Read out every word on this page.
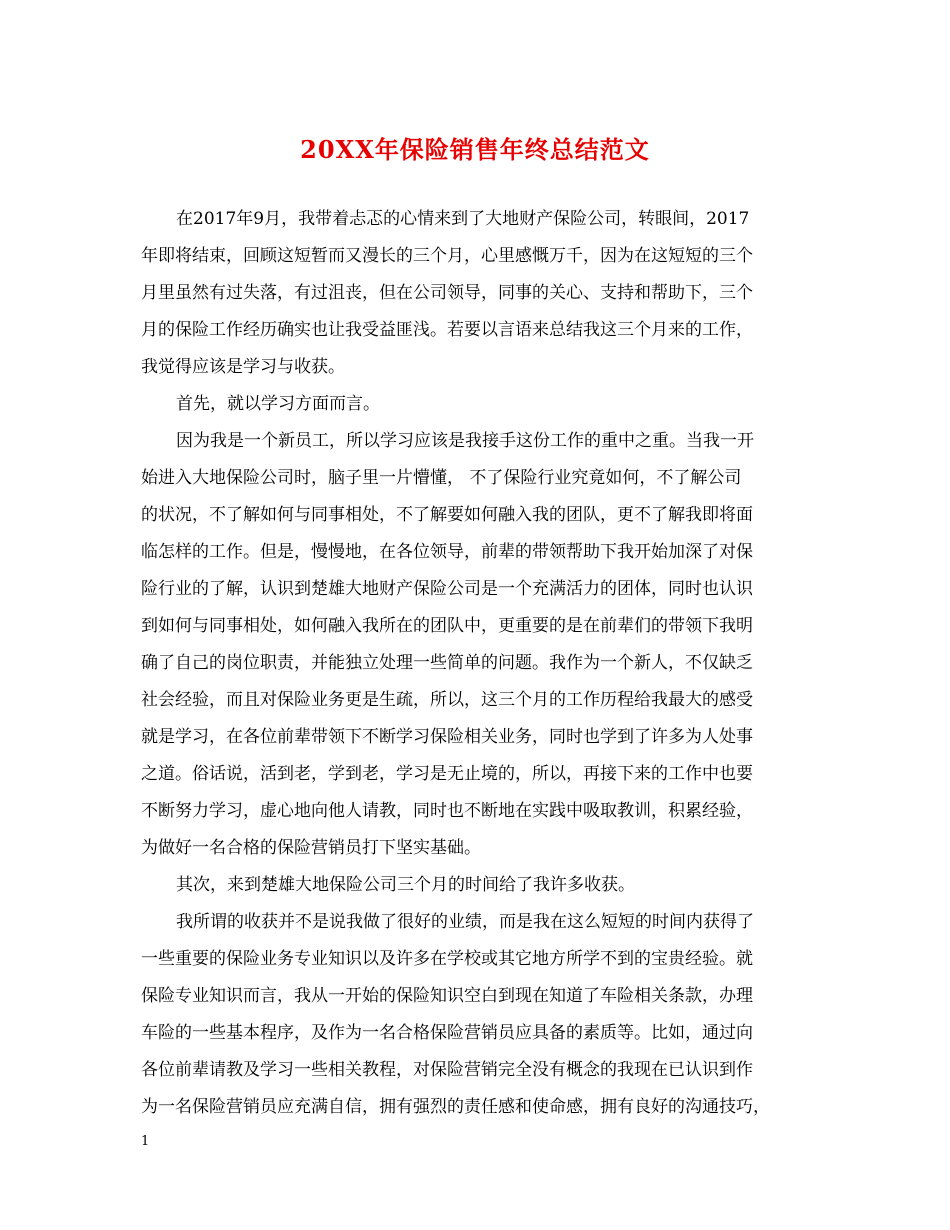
20XX年保险销售年终总结范文
在2017年9月，我带着忐忑的心情来到了大地财产保险公司，转眼间，2017
年即将结束，回顾这短暂而又漫长的三个月，心里感慨万千，因为在这短短的三个
月里虽然有过失落，有过沮丧，但在公司领导，同事的关心、支持和帮助下，三个
月的保险工作经历确实也让我受益匪浅。若要以言语来总结我这三个月来的工作，
我觉得应该是学习与收获。
首先，就以学习方面而言。
因为我是一个新员工，所以学习应该是我接手这份工作的重中之重。当我一开
始进入大地保险公司时，脑子里一片懵懂， 不了保险行业究竟如何，不了解公司
的状况，不了解如何与同事相处，不了解要如何融入我的团队，更不了解我即将面
临怎样的工作。但是，慢慢地，在各位领导，前辈的带领帮助下我开始加深了对保
险行业的了解，认识到楚雄大地财产保险公司是一个充满活力的团体，同时也认识
到如何与同事相处，如何融入我所在的团队中，更重要的是在前辈们的带领下我明
确了自己的岗位职责，并能独立处理一些简单的问题。我作为一个新人，不仅缺乏
社会经验，而且对保险业务更是生疏，所以，这三个月的工作历程给我最大的感受
就是学习，在各位前辈带领下不断学习保险相关业务，同时也学到了许多为人处事
之道。俗话说，活到老，学到老，学习是无止境的，所以，再接下来的工作中也要
不断努力学习，虚心地向他人请教，同时也不断地在实践中吸取教训，积累经验，
为做好一名合格的保险营销员打下坚实基础。
其次，来到楚雄大地保险公司三个月的时间给了我许多收获。
我所谓的收获并不是说我做了很好的业绩，而是我在这么短短的时间内获得了
一些重要的保险业务专业知识以及许多在学校或其它地方所学不到的宝贵经验。就
保险专业知识而言，我从一开始的保险知识空白到现在知道了车险相关条款，办理
车险的一些基本程序，及作为一名合格保险营销员应具备的素质等。比如，通过向
各位前辈请教及学习一些相关教程，对保险营销完全没有概念的我现在已认识到作
为一名保险营销员应充满自信，拥有强烈的责任感和使命感，拥有良好的沟通技巧，
1
